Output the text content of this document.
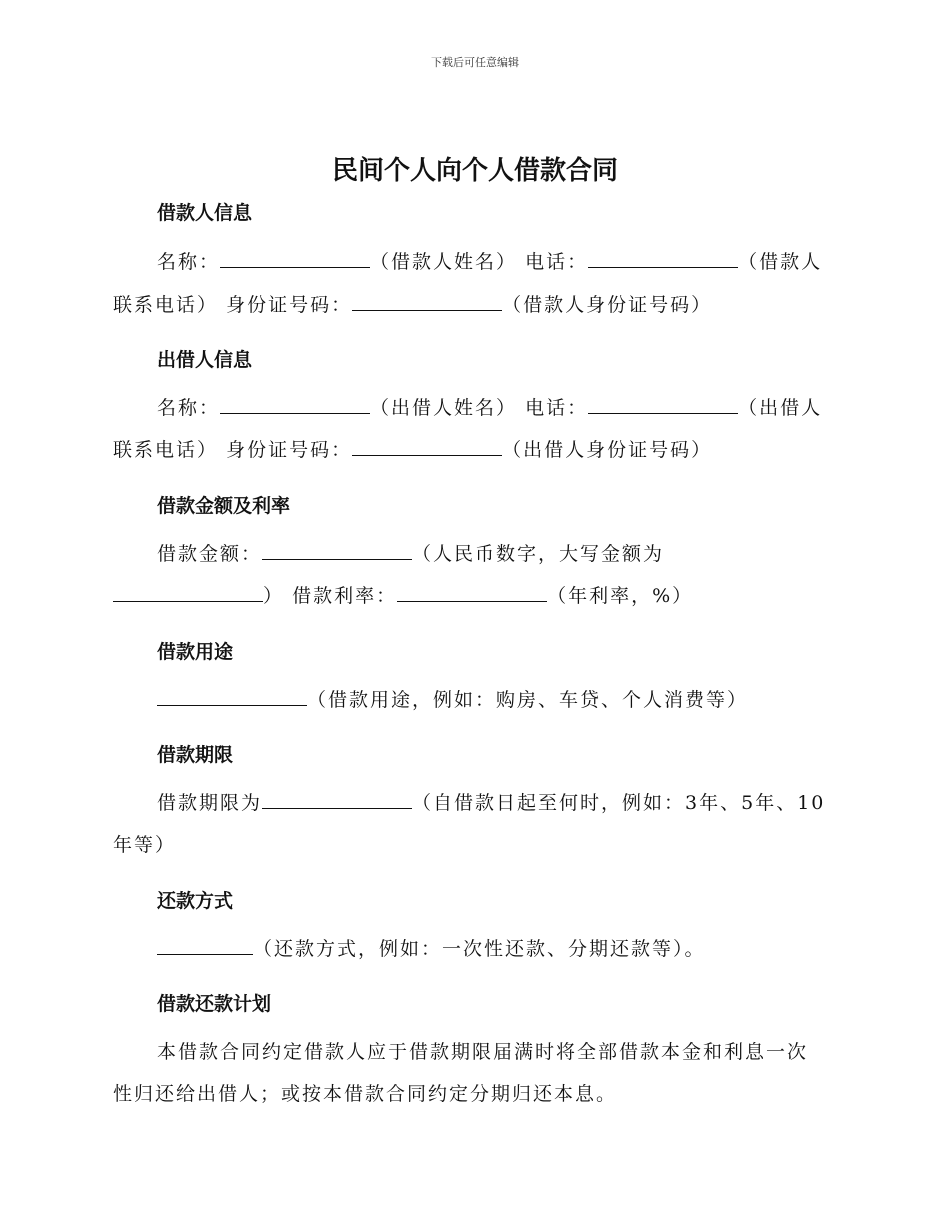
下载后可任意编辑
民间个人向个人借款合同
借款人信息
名称：	（借款人姓名） 电话：	（借款人
联系电话） 身份证号码：	（借款人身份证号码）
出借人信息
名称：	（出借人姓名） 电话：	（出借人
联系电话） 身份证号码：	（出借人身份证号码）
借款金额及利率
借款金额：	（人民币数字，大写金额为
） 借款利率：	（年利率，%）
借款用途
（借款用途，例如：购房、车贷、个人消费等）
借款期限
借款期限为	（自借款日起至何时，例如：3年、5年、10
年等）
还款方式
（还款方式，例如：一次性还款、分期还款等）。
借款还款计划
本借款合同约定借款人应于借款期限届满时将全部借款本金和利息一次
性归还给出借人；或按本借款合同约定分期归还本息。
